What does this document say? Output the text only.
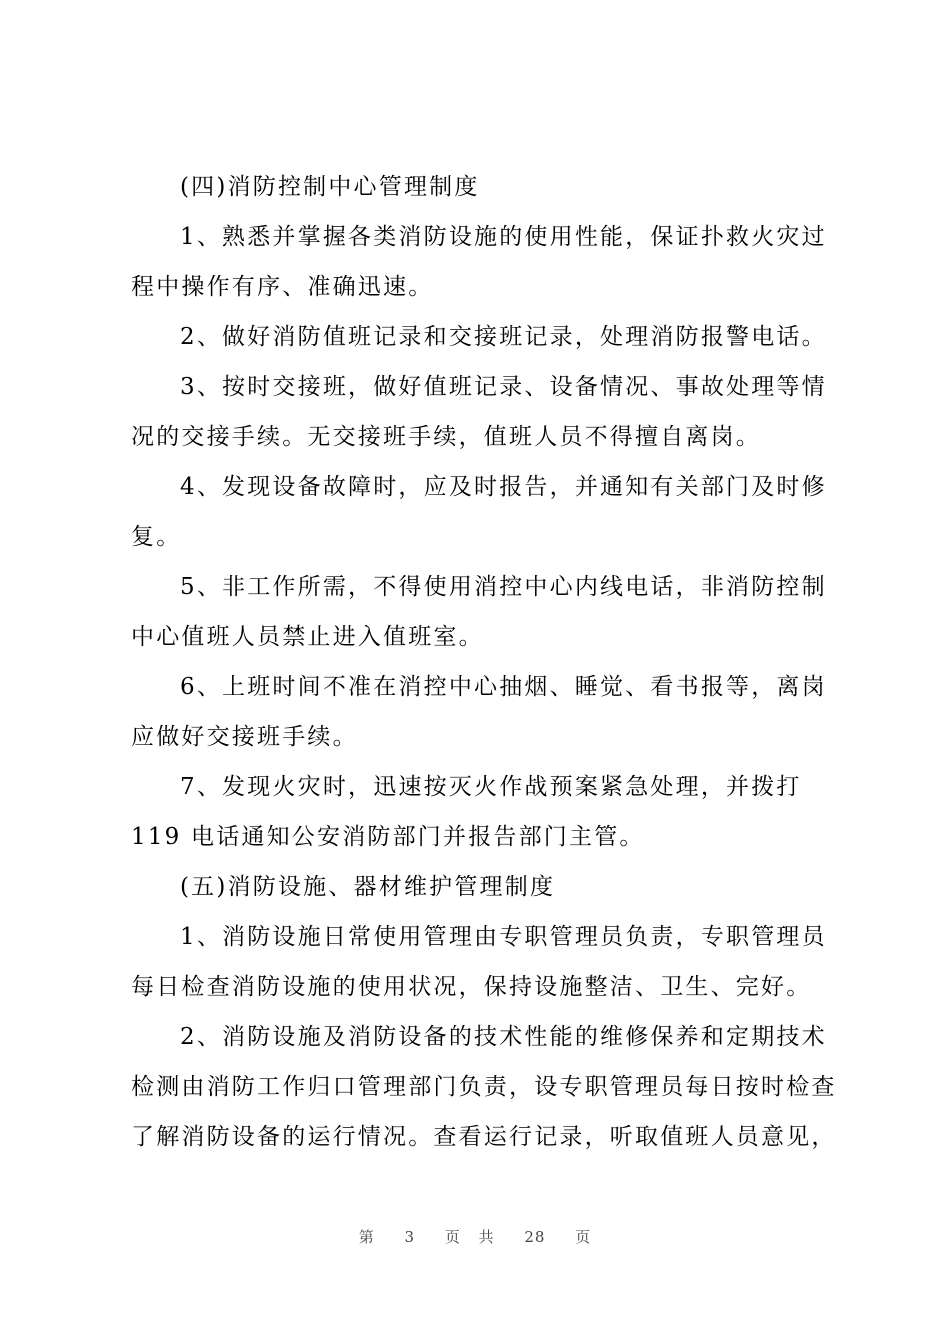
(四)消防控制中心管理制度
1、熟悉并掌握各类消防设施的使用性能，保证扑救火灾过
程中操作有序、准确迅速。
2、做好消防值班记录和交接班记录，处理消防报警电话。
3、按时交接班，做好值班记录、设备情况、事故处理等情
况的交接手续。无交接班手续，值班人员不得擅自离岗。
4、发现设备故障时，应及时报告，并通知有关部门及时修
复。
5、非工作所需，不得使用消控中心内线电话，非消防控制
中心值班人员禁止进入值班室。
6、上班时间不准在消控中心抽烟、睡觉、看书报等，离岗
应做好交接班手续。
7、发现火灾时，迅速按灭火作战预案紧急处理，并拨打
119 电话通知公安消防部门并报告部门主管。
(五)消防设施、器材维护管理制度
1、消防设施日常使用管理由专职管理员负责，专职管理员
每日检查消防设施的使用状况，保持设施整洁、卫生、完好。
2、消防设施及消防设备的技术性能的维修保养和定期技术
检测由消防工作归口管理部门负责，设专职管理员每日按时检查
了解消防设备的运行情况。查看运行记录，听取值班人员意见，
第 3 页 共 28 页
